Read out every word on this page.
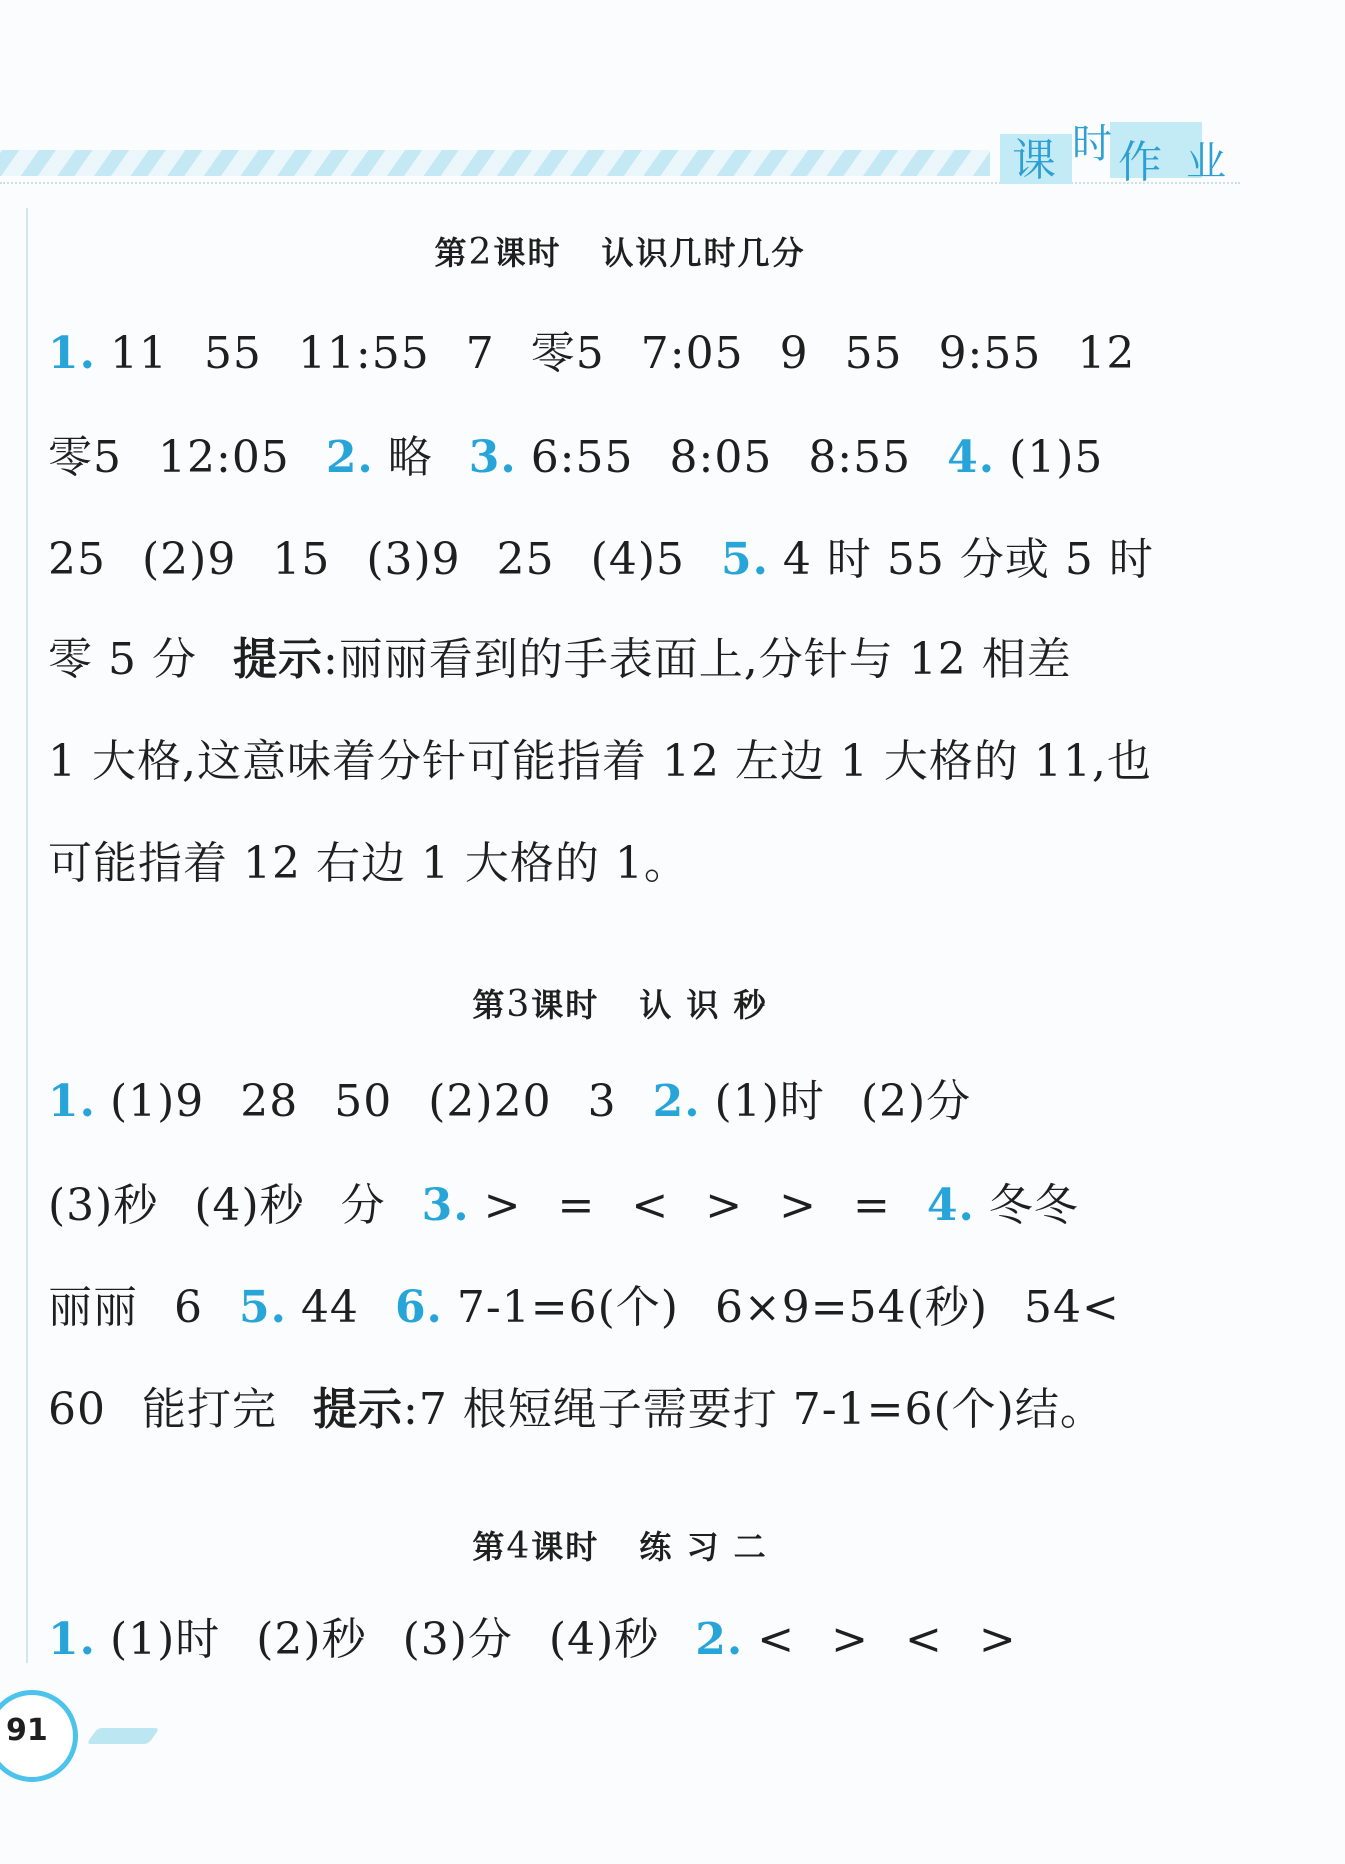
课 时 作 业
第2课时 认识几时几分
1. 11 55 11:55 7 零5 7:05 9 55 9:55 12
零5 12:05 2. 略 3. 6:55 8:05 8:55 4. (1)5
25 (2)9 15 (3)9 25 (4)5 5. 4 时 55 分或 5 时
零 5 分 提示:丽丽看到的手表面上,分针与 12 相差
1 大格,这意味着分针可能指着 12 左边 1 大格的 11,也
可能指着 12 右边 1 大格的 1。
第3课时 认 识 秒
1. (1)9 28 50 (2)20 3 2. (1)时 (2)分
(3)秒 (4)秒 分 3. > = < > > = 4. 冬冬
丽丽 6 5. 44 6. 7-1=6(个) 6×9=54(秒) 54<
60 能打完 提示:7 根短绳子需要打 7-1=6(个)结。
第4课时 练 习 二
1. (1)时 (2)秒 (3)分 (4)秒 2. < > < >
91
